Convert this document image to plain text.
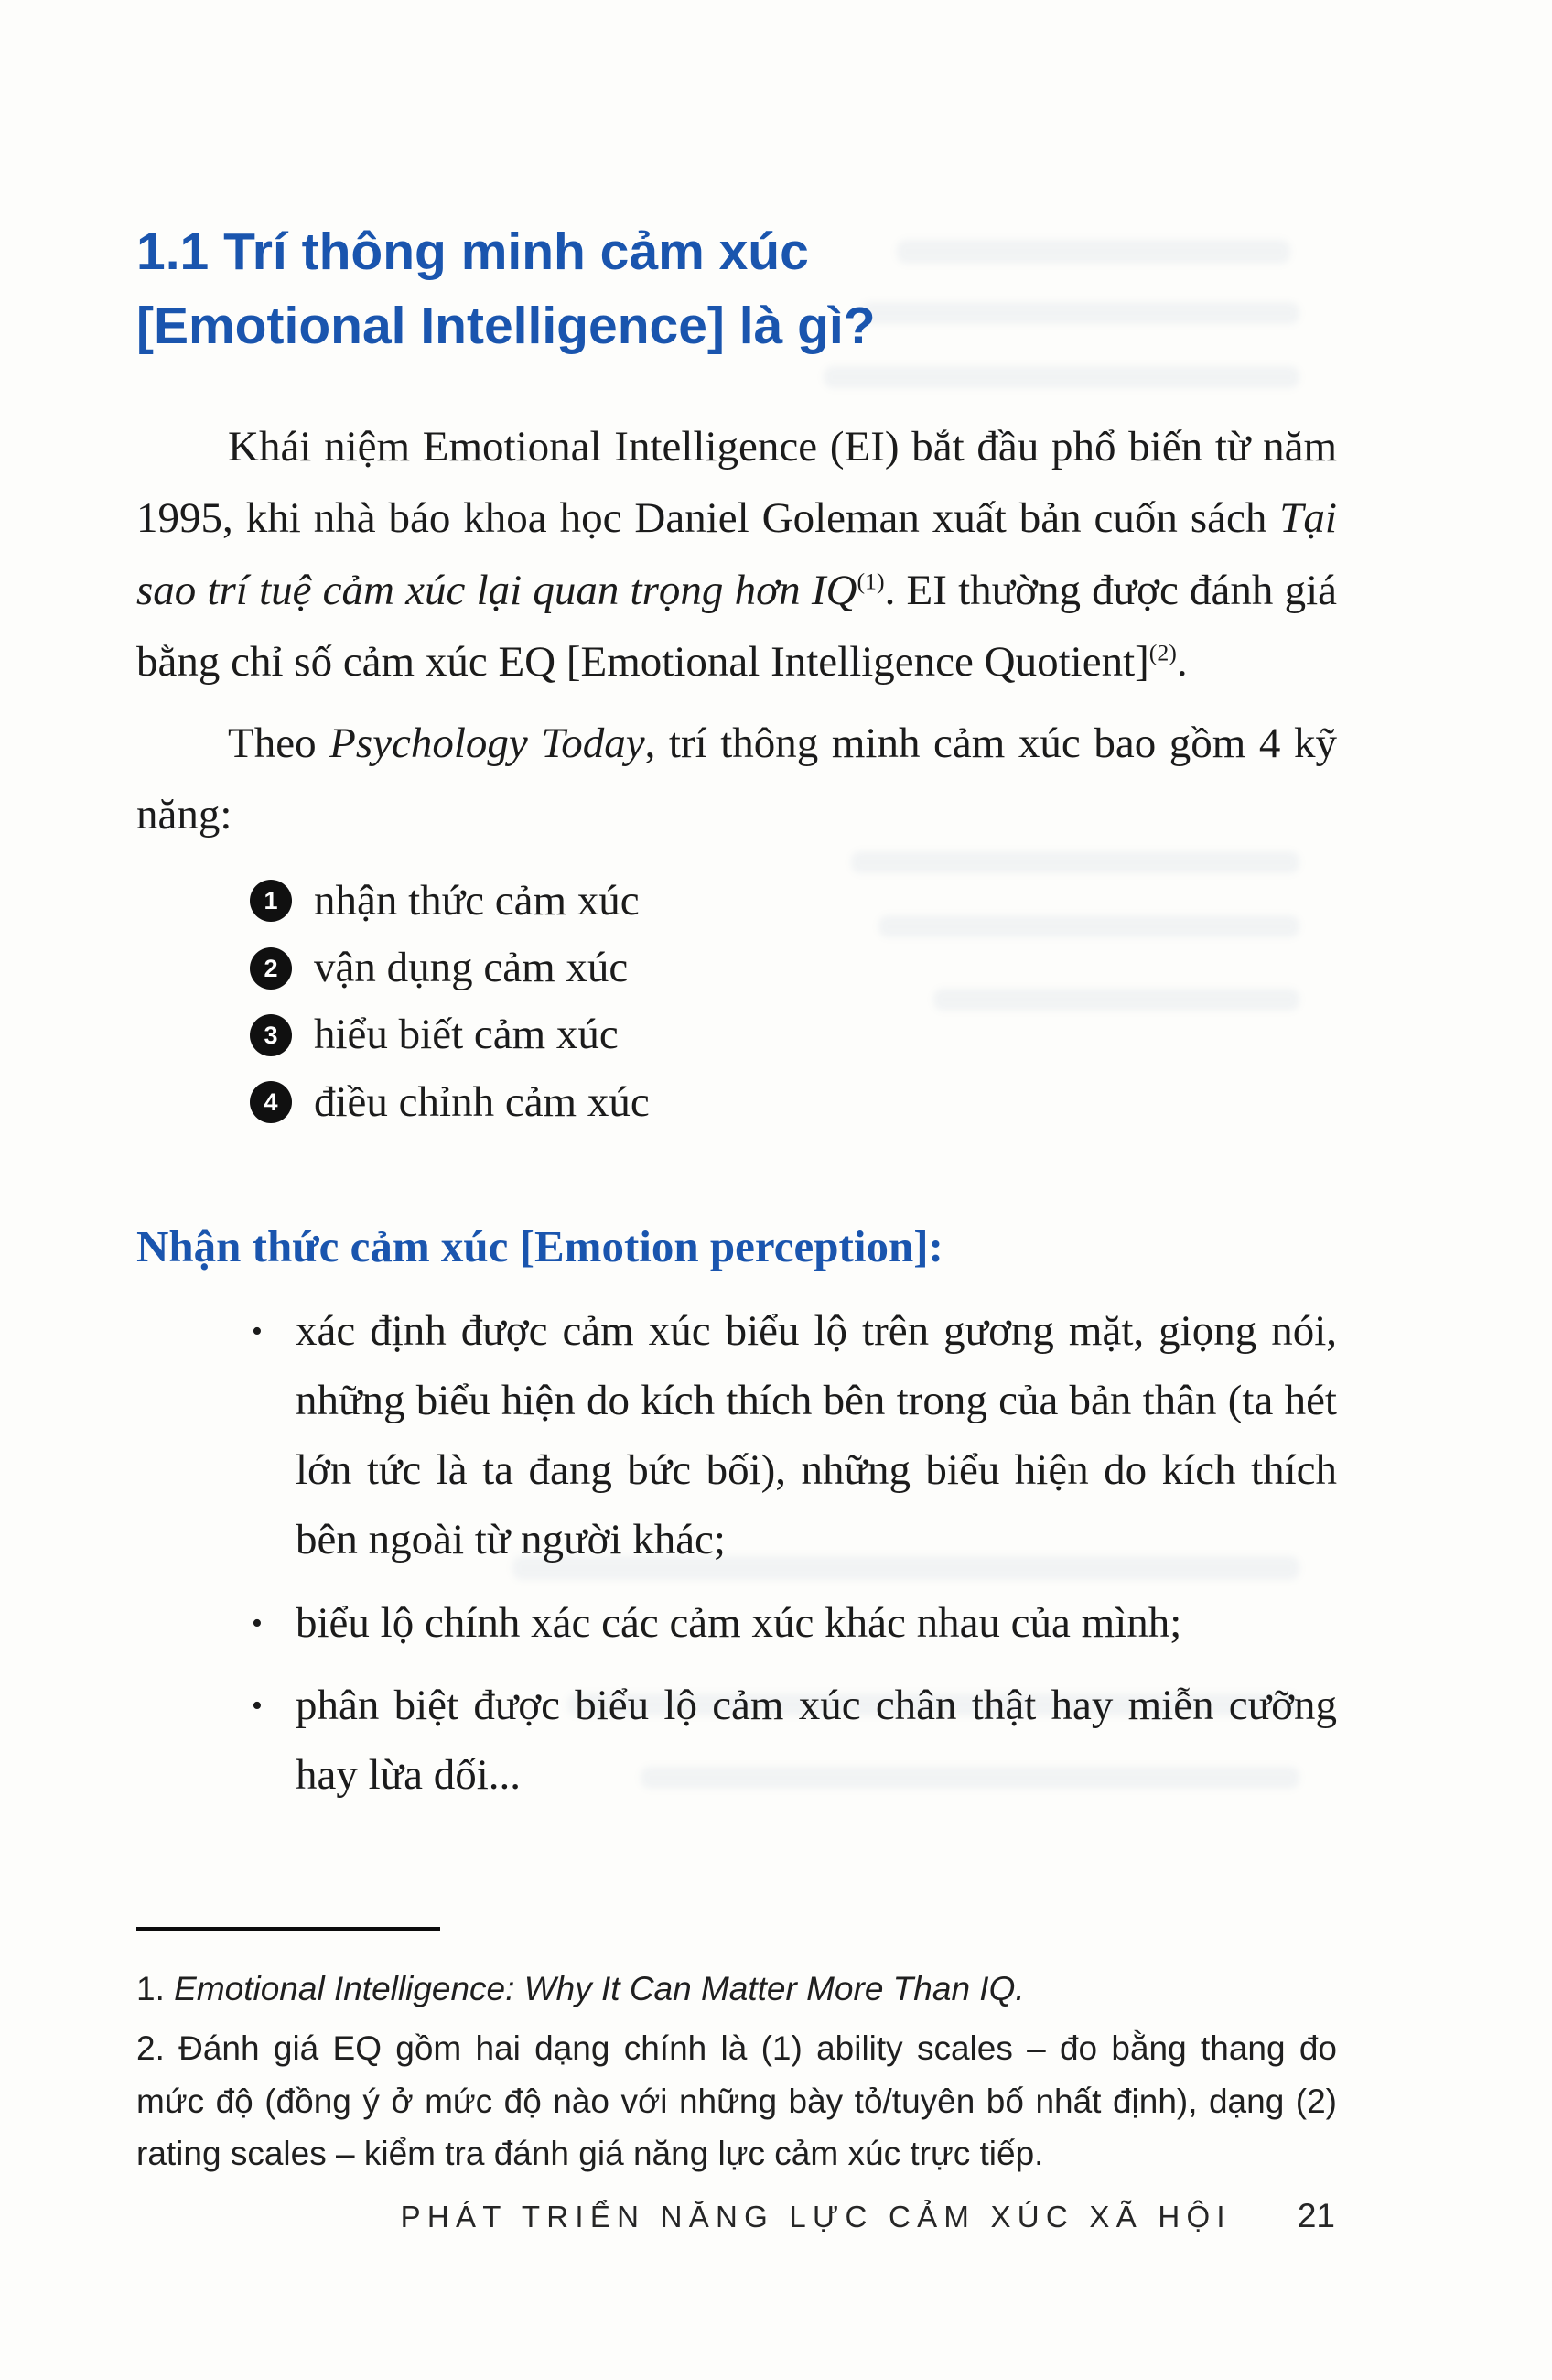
1.1 Trí thông minh cảm xúc
[Emotional Intelligence] là gì?

Khái niệm Emotional Intelligence (EI) bắt đầu phổ biến từ năm 1995, khi nhà báo khoa học Daniel Goleman xuất bản cuốn sách Tại sao trí tuệ cảm xúc lại quan trọng hơn IQ$^{(1)}$. EI thường được đánh giá bằng chỉ số cảm xúc EQ [Emotional Intelligence Quotient]$^{(2)}$.

Theo Psychology Today, trí thông minh cảm xúc bao gồm 4 kỹ năng:

1 nhận thức cảm xúc
2 vận dụng cảm xúc
3 hiểu biết cảm xúc
4 điều chỉnh cảm xúc
Nhận thức cảm xúc [Emotion perception]:
• xác định được cảm xúc biểu lộ trên gương mặt, giọng nói, những biểu hiện do kích thích bên trong của bản thân (ta hét lớn tức là ta đang bức bối), những biểu hiện do kích thích bên ngoài từ người khác;
• biểu lộ chính xác các cảm xúc khác nhau của mình;
• phân biệt được biểu lộ cảm xúc chân thật hay miễn cưỡng hay lừa dối...

1. Emotional Intelligence: Why It Can Matter More Than IQ.

2. Đánh giá EQ gồm hai dạng chính là (1) ability scales – đo bằng thang đo mức độ (đồng ý ở mức độ nào với những bày tỏ/tuyên bố nhất định), dạng (2) rating scales – kiểm tra đánh giá năng lực cảm xúc trực tiếp.

PHÁT TRIỂN NĂNG LỰC CẢM XÚC XÃ HỘI 21
